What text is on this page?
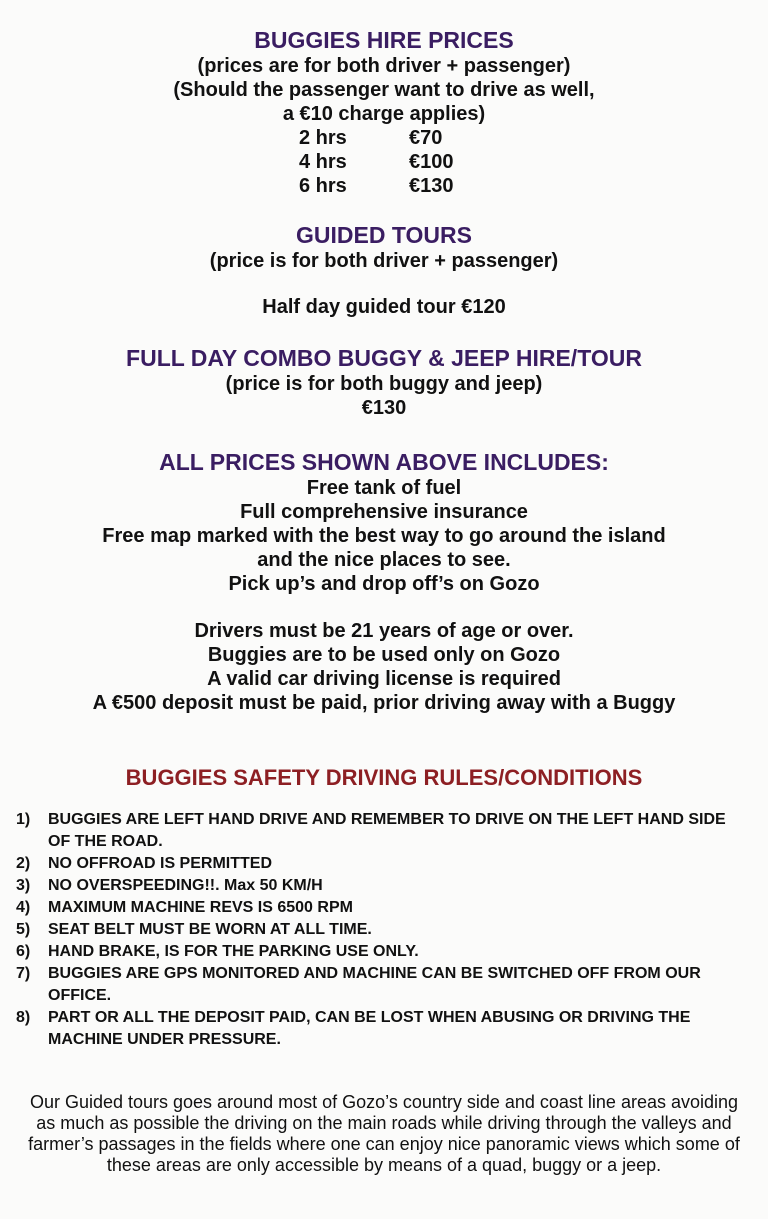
BUGGIES HIRE PRICES
(prices are for both driver + passenger)
(Should the passenger want to drive as well,
a €10 charge applies)
2 hrs	€70
4 hrs	€100
6 hrs	€130
GUIDED TOURS
(price is for both driver + passenger)
Half day guided tour €120
FULL DAY COMBO BUGGY & JEEP HIRE/TOUR
(price is for both buggy and jeep)
€130
ALL PRICES SHOWN ABOVE INCLUDES:
Free tank of fuel
Full comprehensive insurance
Free map marked with the best way to go around the island
and the nice places to see.
Pick up’s and drop off’s on Gozo
Drivers must be 21 years of age or over.
Buggies are to be used only on Gozo
A valid car driving license is required
A €500 deposit must be paid, prior driving away with a Buggy
BUGGIES SAFETY DRIVING RULES/CONDITIONS
1)	BUGGIES ARE LEFT HAND DRIVE AND REMEMBER TO DRIVE ON THE LEFT HAND SIDE OF THE ROAD.
2)	NO OFFROAD IS PERMITTED
3)	NO OVERSPEEDING!!. Max 50 KM/H
4)	MAXIMUM MACHINE REVS IS 6500 RPM
5)	SEAT BELT MUST BE WORN AT ALL TIME.
6)	HAND BRAKE, IS FOR THE PARKING USE ONLY.
7)	BUGGIES ARE GPS MONITORED AND MACHINE CAN BE SWITCHED OFF FROM OUR OFFICE.
8)	PART OR ALL THE DEPOSIT PAID, CAN BE LOST WHEN ABUSING OR DRIVING THE MACHINE UNDER PRESSURE.
Our Guided tours goes around most of Gozo’s country side and coast line areas avoiding as much as possible the driving on the main roads while driving through the valleys and farmer’s passages in the fields where one can enjoy nice panoramic views which some of these areas are only accessible by means of a quad, buggy or a jeep.
